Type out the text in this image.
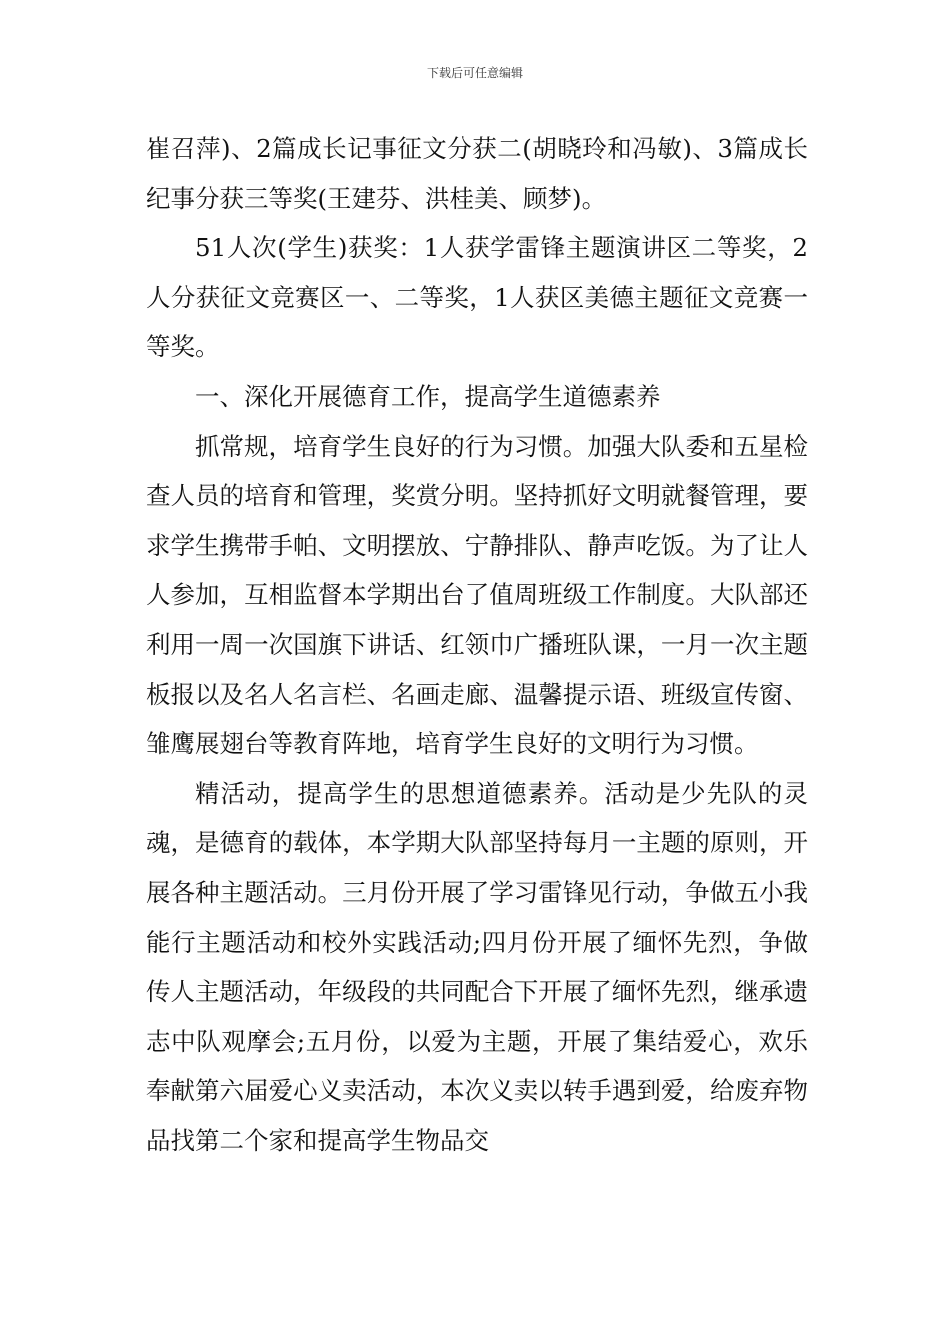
下载后可任意编辑

崔召萍)、2篇成长记事征文分获二(胡晓玲和冯敏)、3篇成长纪事分获三等奖(王建芬、洪桂美、顾梦)。

51人次(学生)获奖：1人获学雷锋主题演讲区二等奖，2人分获征文竞赛区一、二等奖，1人获区美德主题征文竞赛一等奖。

一、深化开展德育工作，提高学生道德素养

抓常规，培育学生良好的行为习惯。加强大队委和五星检查人员的培育和管理，奖赏分明。坚持抓好文明就餐管理，要求学生携带手帕、文明摆放、宁静排队、静声吃饭。为了让人人参加，互相监督本学期出台了值周班级工作制度。大队部还利用一周一次国旗下讲话、红领巾广播班队课，一月一次主题板报以及名人名言栏、名画走廊、温馨提示语、班级宣传窗、雏鹰展翅台等教育阵地，培育学生良好的文明行为习惯。

精活动，提高学生的思想道德素养。活动是少先队的灵魂，是德育的载体，本学期大队部坚持每月一主题的原则，开展各种主题活动。三月份开展了学习雷锋见行动，争做五小我能行主题活动和校外实践活动;四月份开展了缅怀先烈，争做传人主题活动，年级段的共同配合下开展了缅怀先烈，继承遗志中队观摩会;五月份，以爱为主题，开展了集结爱心，欢乐奉献第六届爱心义卖活动，本次义卖以转手遇到爱，给废弃物品找第二个家和提高学生物品交
